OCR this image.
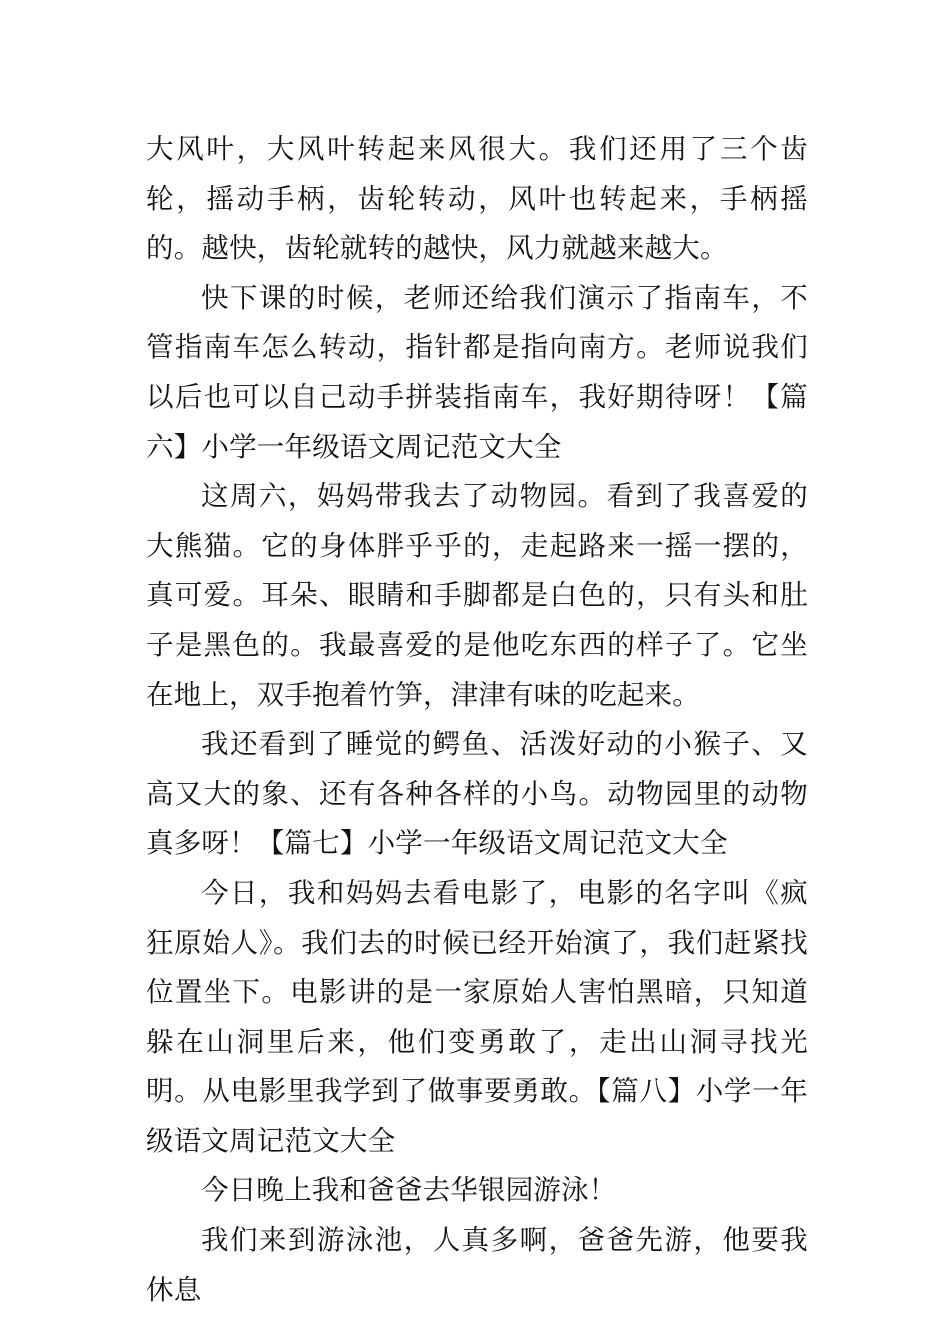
大风叶，大风叶转起来风很大。我们还用了三个齿轮，摇动手柄，齿轮转动，风叶也转起来，手柄摇的。越快，齿轮就转的越快，风力就越来越大。

快下课的时候，老师还给我们演示了指南车，不管指南车怎么转动，指针都是指向南方。老师说我们以后也可以自己动手拼装指南车，我好期待呀！【篇六】小学一年级语文周记范文大全

这周六，妈妈带我去了动物园。看到了我喜爱的大熊猫。它的身体胖乎乎的，走起路来一摇一摆的，真可爱。耳朵、眼睛和手脚都是白色的，只有头和肚子是黑色的。我最喜爱的是他吃东西的样子了。它坐在地上，双手抱着竹笋，津津有味的吃起来。

我还看到了睡觉的鳄鱼、活泼好动的小猴子、又高又大的象、还有各种各样的小鸟。动物园里的动物真多呀！【篇七】小学一年级语文周记范文大全

今日，我和妈妈去看电影了，电影的名字叫《疯狂原始人》。我们去的时候已经开始演了，我们赶紧找位置坐下。电影讲的是一家原始人害怕黑暗，只知道躲在山洞里后来，他们变勇敢了，走出山洞寻找光明。从电影里我学到了做事要勇敢。【篇八】小学一年级语文周记范文大全

今日晚上我和爸爸去华银园游泳！

我们来到游泳池，人真多啊，爸爸先游，他要我休息
